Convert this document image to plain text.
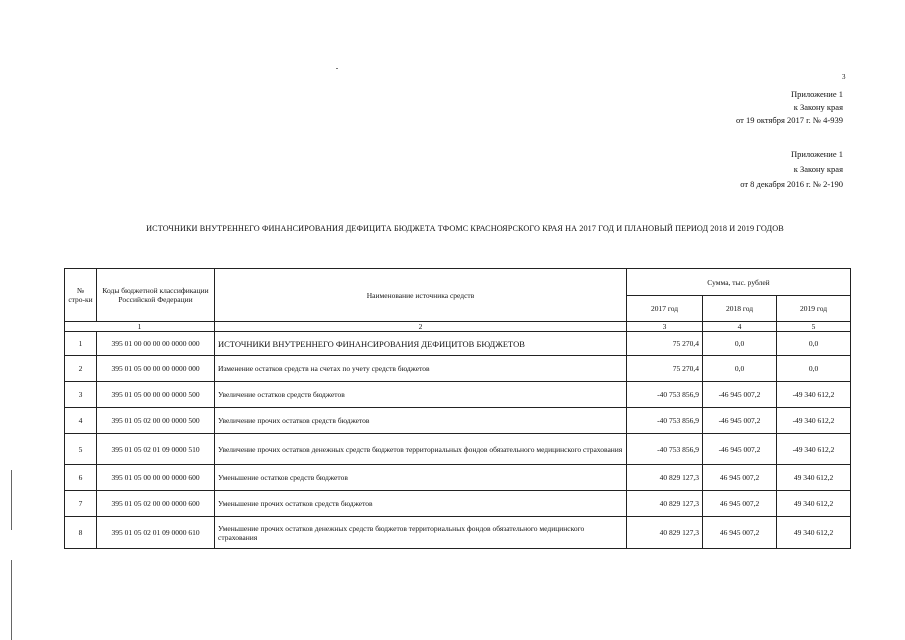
3
Приложение 1
к Закону края
от 19 октября 2017 г. № 4-939
Приложение 1
к Закону края
от 8 декабря 2016 г. № 2-190
ИСТОЧНИКИ ВНУТРЕННЕГО ФИНАНСИРОВАНИЯ ДЕФИЦИТА БЮДЖЕТА ТФОМС КРАСНОЯРСКОГО КРАЯ НА 2017 ГОД И ПЛАНОВЫЙ ПЕРИОД 2018 И 2019 ГОДОВ
№ стро-ки	Коды бюджетной классификации Российской Федерации	Наименование источника средств	Сумма, тыс. рублей		
			2017 год	2018 год	2019 год
1		2	3	4	5
1	395 01 00 00 00 00 0000 000	ИСТОЧНИКИ ВНУТРЕННЕГО ФИНАНСИРОВАНИЯ ДЕФИЦИТОВ БЮДЖЕТОВ	75 270,4	0,0	0,0
2	395 01 05 00 00 00 0000 000	Изменение остатков средств на счетах по учету средств бюджетов	75 270,4	0,0	0,0
3	395 01 05 00 00 00 0000 500	Увеличение остатков средств бюджетов	-40 753 856,9	-46 945 007,2	-49 340 612,2
4	395 01 05 02 00 00 0000 500	Увеличение прочих остатков средств бюджетов	-40 753 856,9	-46 945 007,2	-49 340 612,2
5	395 01 05 02 01 09 0000 510	Увеличение прочих остатков денежных средств бюджетов территориальных фондов обязательного медицинского страхования	-40 753 856,9	-46 945 007,2	-49 340 612,2
6	395 01 05 00 00 00 0000 600	Уменьшение остатков средств бюджетов	40 829 127,3	46 945 007,2	49 340 612,2
7	395 01 05 02 00 00 0000 600	Уменьшение прочих остатков средств бюджетов	40 829 127,3	46 945 007,2	49 340 612,2
8	395 01 05 02 01 09 0000 610	Уменьшение прочих остатков денежных средств бюджетов территориальных фондов обязательного медицинского страхования	40 829 127,3	46 945 007,2	49 340 612,2
